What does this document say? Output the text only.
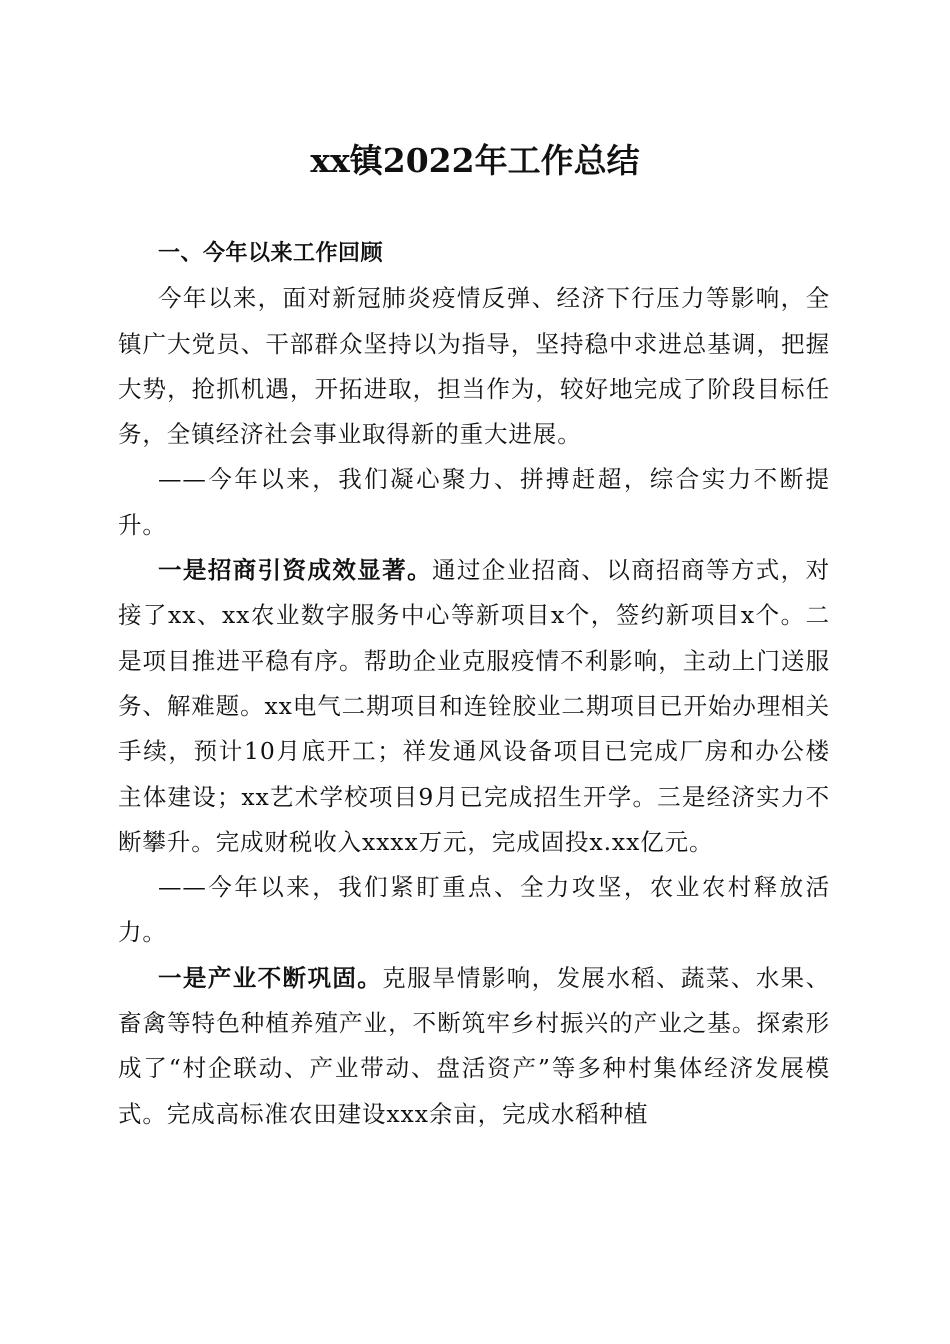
xx镇2022年工作总结

一、今年以来工作回顾

今年以来，面对新冠肺炎疫情反弹、经济下行压力等影响，全镇广大党员、干部群众坚持以为指导，坚持稳中求进总基调，把握大势，抢抓机遇，开拓进取，担当作为，较好地完成了阶段目标任务，全镇经济社会事业取得新的重大进展。

——今年以来，我们凝心聚力、拼搏赶超，综合实力不断提升。

一是招商引资成效显著。通过企业招商、以商招商等方式，对接了xx、xx农业数字服务中心等新项目x个，签约新项目x个。二是项目推进平稳有序。帮助企业克服疫情不利影响，主动上门送服务、解难题。xx电气二期项目和连铨胶业二期项目已开始办理相关手续，预计10月底开工；祥发通风设备项目已完成厂房和办公楼主体建设；xx艺术学校项目9月已完成招生开学。三是经济实力不断攀升。完成财税收入xxxx万元，完成固投x.xx亿元。

——今年以来，我们紧盯重点、全力攻坚，农业农村释放活力。

一是产业不断巩固。克服旱情影响，发展水稻、蔬菜、水果、畜禽等特色种植养殖产业，不断筑牢乡村振兴的产业之基。探索形成了“村企联动、产业带动、盘活资产”等多种村集体经济发展模式。完成高标准农田建设xxx余亩，完成水稻种植
